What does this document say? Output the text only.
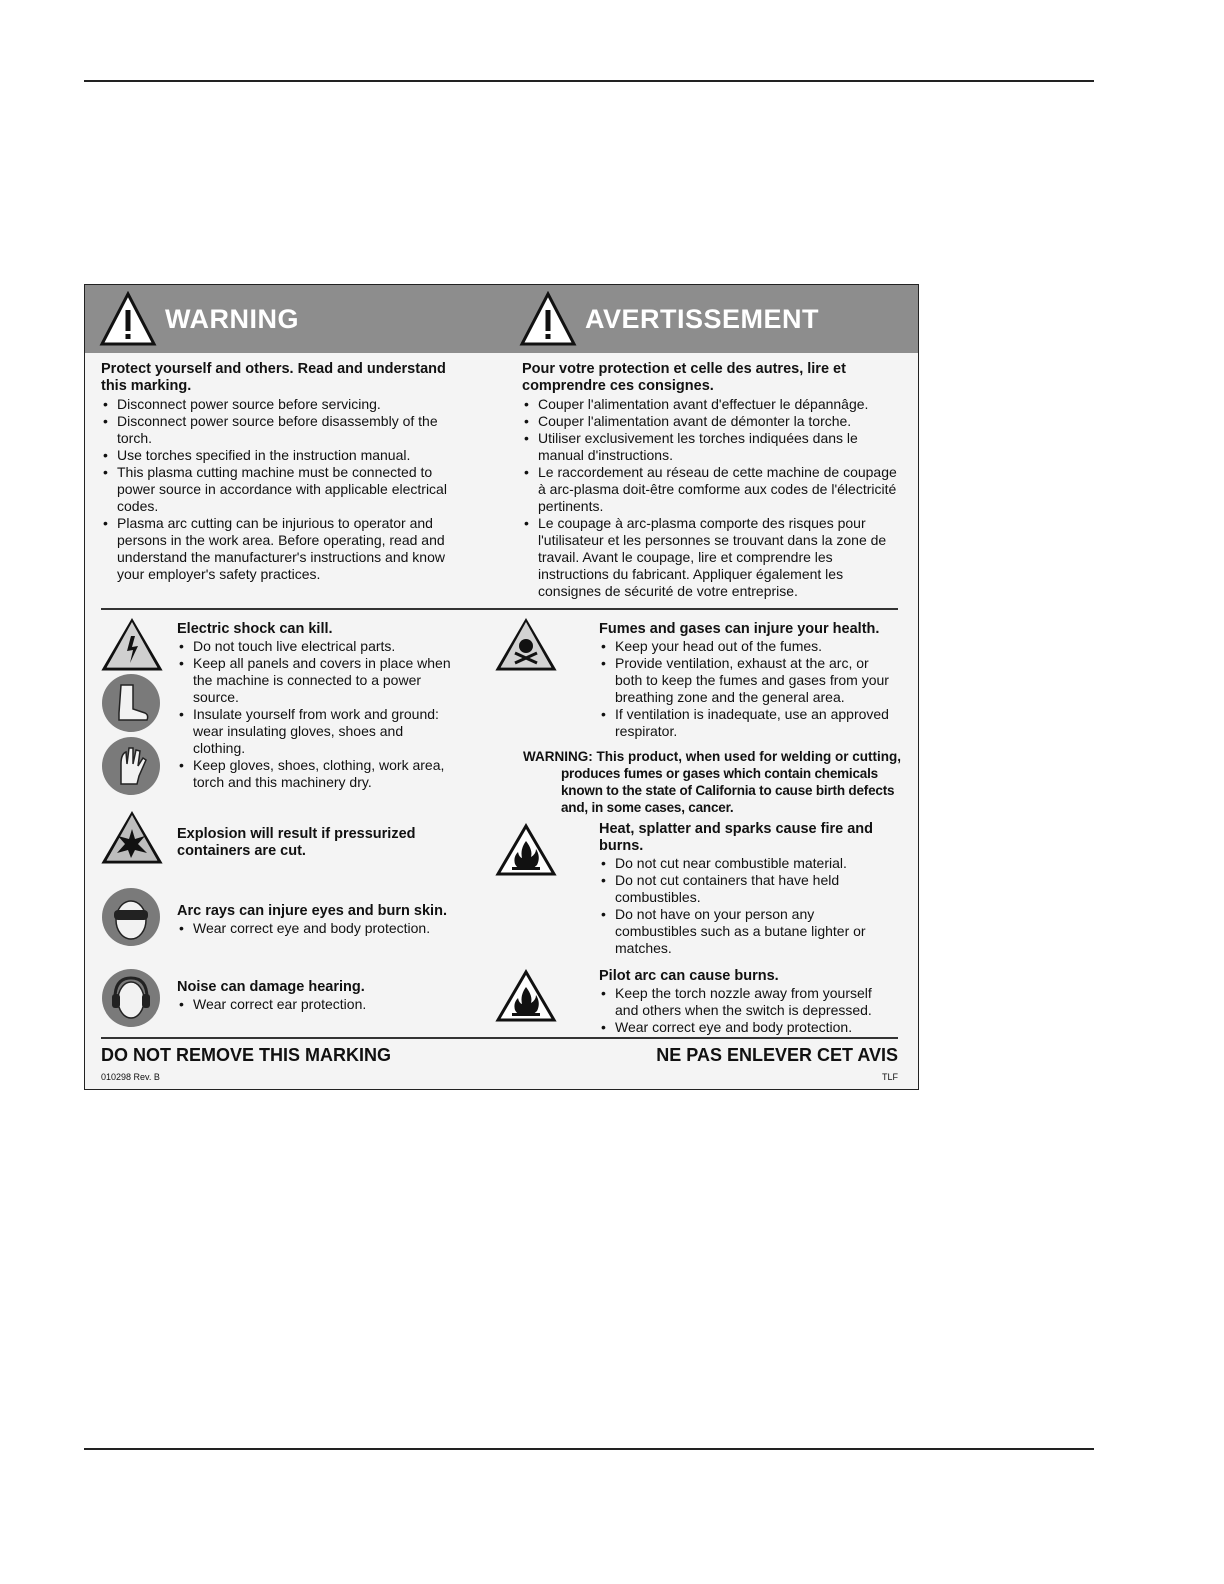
WARNING	AVERTISSEMENT
Protect yourself and others. Read and understand this marking.
• Disconnect power source before servicing.
• Disconnect power source before disassembly of the torch.
• Use torches specified in the instruction manual.
• This plasma cutting machine must be connected to power source in accordance with applicable electrical codes.
• Plasma arc cutting can be injurious to operator and persons in the work area. Before operating, read and understand the manufacturer's instructions and know your employer's safety practices.
Pour votre protection et celle des autres, lire et comprendre ces consignes.
• Couper l'alimentation avant d'effectuer le dépannâge.
• Couper l'alimentation avant de démonter la torche.
• Utiliser exclusivement les torches indiquées dans le manual d'instructions.
• Le raccordement au réseau de cette machine de coupage à arc-plasma doit-être comforme aux codes de l'électricité pertinents.
• Le coupage à arc-plasma comporte des risques pour l'utilisateur et les personnes se trouvant dans la zone de travail. Avant le coupage, lire et comprendre les instructions du fabricant. Appliquer également les consignes de sécurité de votre entreprise.
Electric shock can kill.
• Do not touch live electrical parts.
• Keep all panels and covers in place when the machine is connected to a power source.
• Insulate yourself from work and ground: wear insulating gloves, shoes and clothing.
• Keep gloves, shoes, clothing, work area, torch and this machinery dry.
Explosion will result if pressurized containers are cut.
Arc rays can injure eyes and burn skin.
• Wear correct eye and body protection.
Noise can damage hearing.
• Wear correct ear protection.
Fumes and gases can injure your health.
• Keep your head out of the fumes.
• Provide ventilation, exhaust at the arc, or both to keep the fumes and gases from your breathing zone and the general area.
• If ventilation is inadequate, use an approved respirator.
WARNING: This product, when used for welding or cutting,
produces fumes or gases which contain chemicals known to the state of California to cause birth defects and, in some cases, cancer.
Heat, splatter and sparks cause fire and burns.
• Do not cut near combustible material.
• Do not cut containers that have held combustibles.
• Do not have on your person any combustibles such as a butane lighter or matches.
Pilot arc can cause burns.
• Keep the torch nozzle away from yourself and others when the switch is depressed.
• Wear correct eye and body protection.
DO NOT REMOVE THIS MARKING	NE PAS ENLEVER CET AVIS
010298 Rev. B	TLF
